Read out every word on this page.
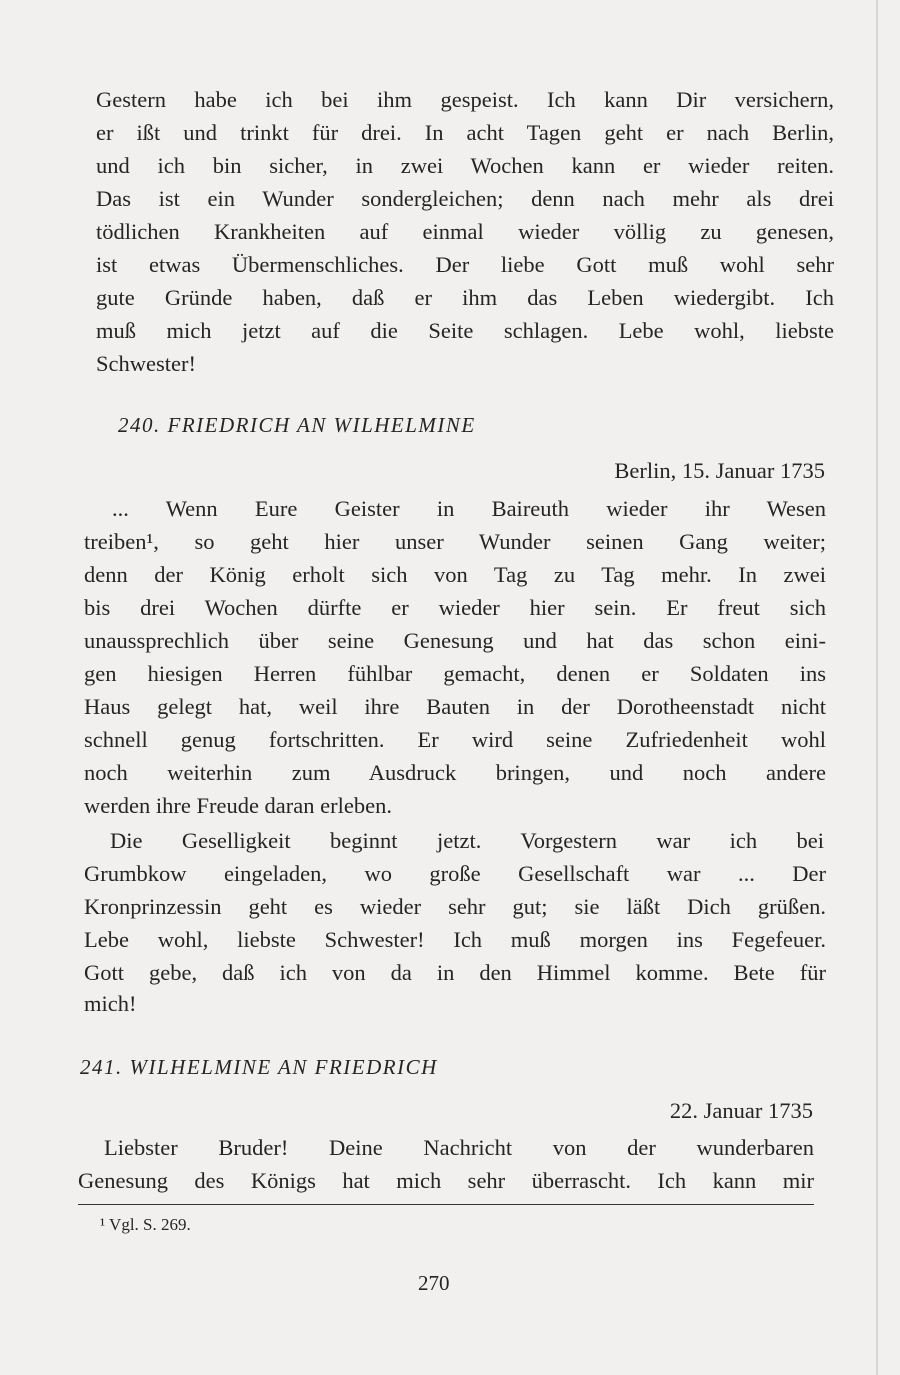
Gestern habe ich bei ihm gespeist. Ich kann Dir versichern,
er ißt und trinkt für drei. In acht Tagen geht er nach Berlin,
und ich bin sicher, in zwei Wochen kann er wieder reiten.
Das ist ein Wunder sondergleichen; denn nach mehr als drei
tödlichen Krankheiten auf einmal wieder völlig zu genesen,
ist etwas Übermenschliches. Der liebe Gott muß wohl sehr
gute Gründe haben, daß er ihm das Leben wiedergibt. Ich
muß mich jetzt auf die Seite schlagen. Lebe wohl, liebste
Schwester!
240. FRIEDRICH AN WILHELMINE
Berlin, 15. Januar 1735
... Wenn Eure Geister in Baireuth wieder ihr Wesen
treiben¹, so geht hier unser Wunder seinen Gang weiter;
denn der König erholt sich von Tag zu Tag mehr. In zwei
bis drei Wochen dürfte er wieder hier sein. Er freut sich
unaussprechlich über seine Genesung und hat das schon eini-
gen hiesigen Herren fühlbar gemacht, denen er Soldaten ins
Haus gelegt hat, weil ihre Bauten in der Dorotheenstadt nicht
schnell genug fortschritten. Er wird seine Zufriedenheit wohl
noch weiterhin zum Ausdruck bringen, und noch andere
werden ihre Freude daran erleben.
Die Geselligkeit beginnt jetzt. Vorgestern war ich bei
Grumbkow eingeladen, wo große Gesellschaft war ... Der
Kronprinzessin geht es wieder sehr gut; sie läßt Dich grüßen.
Lebe wohl, liebste Schwester! Ich muß morgen ins Fegefeuer.
Gott gebe, daß ich von da in den Himmel komme. Bete für
mich!
241. WILHELMINE AN FRIEDRICH
22. Januar 1735
Liebster Bruder! Deine Nachricht von der wunderbaren
Genesung des Königs hat mich sehr überrascht. Ich kann mir
¹ Vgl. S. 269.
270
